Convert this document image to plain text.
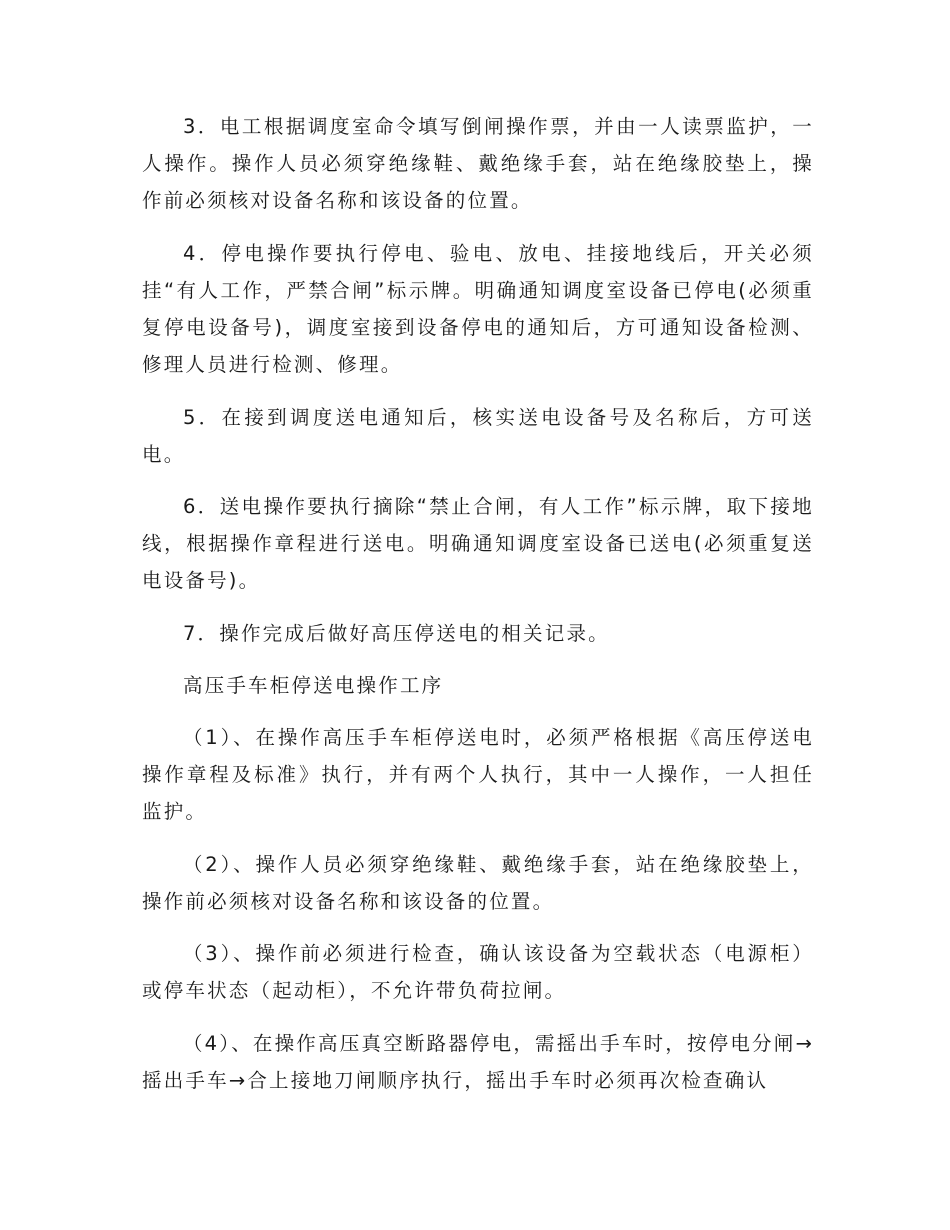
3．电工根据调度室命令填写倒闸操作票，并由一人读票监护，一人操作。操作人员必须穿绝缘鞋、戴绝缘手套，站在绝缘胶垫上，操作前必须核对设备名称和该设备的位置。

4．停电操作要执行停电、验电、放电、挂接地线后，开关必须挂“有人工作，严禁合闸”标示牌。明确通知调度室设备已停电(必须重复停电设备号)，调度室接到设备停电的通知后，方可通知设备检测、修理人员进行检测、修理。

5．在接到调度送电通知后，核实送电设备号及名称后，方可送电。

6．送电操作要执行摘除“禁止合闸，有人工作”标示牌，取下接地线，根据操作章程进行送电。明确通知调度室设备已送电(必须重复送电设备号)。

7．操作完成后做好高压停送电的相关记录。

高压手车柜停送电操作工序

（1）、在操作高压手车柜停送电时，必须严格根据《高压停送电操作章程及标准》执行，并有两个人执行，其中一人操作，一人担任监护。

（2）、操作人员必须穿绝缘鞋、戴绝缘手套，站在绝缘胶垫上，操作前必须核对设备名称和该设备的位置。

（3）、操作前必须进行检查，确认该设备为空载状态（电源柜）或停车状态（起动柜），不允许带负荷拉闸。

（4）、在操作高压真空断路器停电，需摇出手车时，按停电分闸→摇出手车→合上接地刀闸顺序执行，摇出手车时必须再次检查确认
